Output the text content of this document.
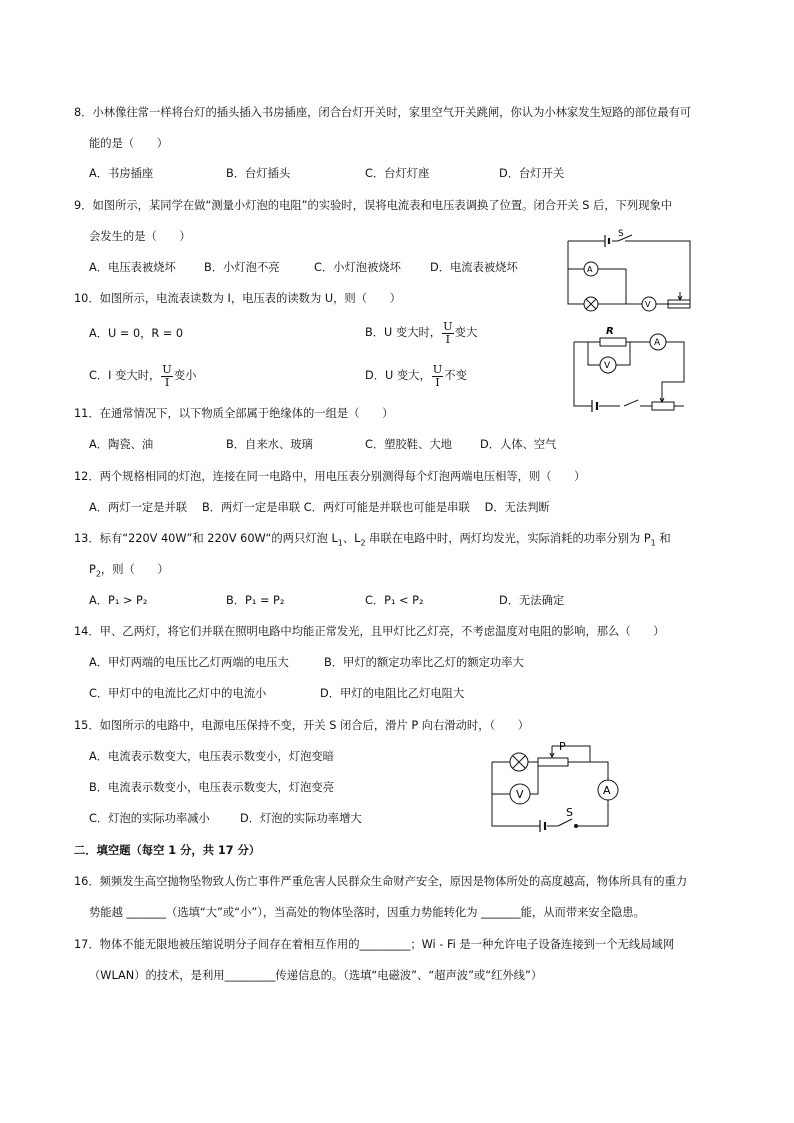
8．小林像往常一样将台灯的插头插入书房插座，闭合台灯开关时，家里空气开关跳闸，你认为小林家发生短路的部位最有可
能的是（　　）
A．书房插座	B．台灯插头	C．台灯灯座	D．台灯开关
9．如图所示，某同学在做“测量小灯泡的电阻”的实验时，误将电流表和电压表调换了位置。闭合开关 S 后，下列现象中
会发生的是（　　）
A．电压表被烧坏 B．小灯泡不亮	C．小灯泡被烧坏	D．电流表被烧坏
S
A
V
10．如图所示，电流表读数为 I，电压表的读数为 U，则（　　）
A．U = 0，R = 0	B．U 变大时， $\frac{U}{I}$ 变大
C．I 变大时， $\frac{U}{I}$ 变小	D．U 变大， $\frac{U}{I}$ 不变
R
A
V
11．在通常情况下，以下物质全部属于绝缘体的一组是（　　）
A．陶瓷、油	B．自来水、玻璃	C．塑胶鞋、大地 D．人体、空气
12．两个规格相同的灯泡，连接在同一电路中，用电压表分别测得每个灯泡两端电压相等，则（　　）
A．两灯一定是并联　 B．两灯一定是串联 C．两灯可能是并联也可能是串联　 D．无法判断
13．标有“220V 40W”和 220V 60W“的两只灯泡 $L_1$、$L_2$ 串联在电路中时，两灯均发光，实际消耗的功率分别为 $P_1$ 和
$P_2$，则（　　）
A．P₁ > P₂	B．P₁ = P₂	C．P₁ < P₂	D．无法确定
14．甲、乙两灯，将它们并联在照明电路中均能正常发光，且甲灯比乙灯亮，不考虑温度对电阻的影响，那么（　　）
A．甲灯两端的电压比乙灯两端的电压大	B．甲灯的额定功率比乙灯的额定功率大
C．甲灯中的电流比乙灯中的电流小	D．甲灯的电阻比乙灯电阻大
15．如图所示的电路中，电源电压保持不变，开关 S 闭合后，滑片 P 向右滑动时，（　　）
A．电流表示数变大，电压表示数变小，灯泡变暗
B．电流表示数变小，电压表示数变大，灯泡变亮
C．灯泡的实际功率减小	D．灯泡的实际功率增大
P
A
V
S
二．填空题（每空 1 分，共 17 分）
16．频频发生高空抛物坠物致人伤亡事件严重危害人民群众生命财产安全，原因是物体所处的高度越高，物体所具有的重力
势能越 _______（选填“大”或“小”），当高处的物体坠落时，因重力势能转化为 _______能，从而带来安全隐患。
17．物体不能无限地被压缩说明分子间存在着相互作用的_________；Wi - Fi 是一种允许电子设备连接到一个无线局域网
（WLAN）的技术，是利用_________传递信息的。（选填“电磁波”、“超声波”或“红外线”）
